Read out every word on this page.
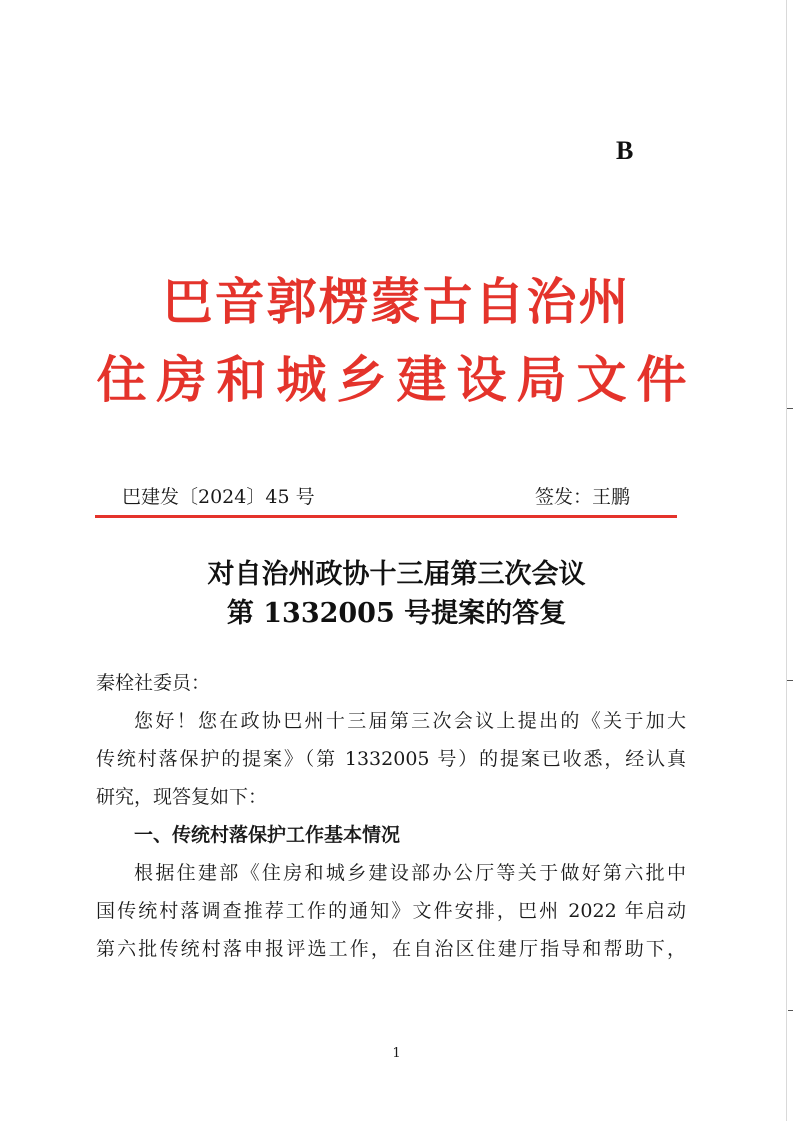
B
巴音郭楞蒙古自治州
住房和城乡建设局文件
巴建发〔2024〕45 号	签发：王鹏
对自治州政协十三届第三次会议
第 1332005 号提案的答复

秦栓社委员：

您好！您在政协巴州十三届第三次会议上提出的《关于加大

传统村落保护的提案》（第 1332005 号）的提案已收悉，经认真

研究，现答复如下：

一、传统村落保护工作基本情况

根据住建部《住房和城乡建设部办公厅等关于做好第六批中

国传统村落调查推荐工作的通知》文件安排，巴州 2022 年启动

第六批传统村落申报评选工作，在自治区住建厅指导和帮助下，

1
